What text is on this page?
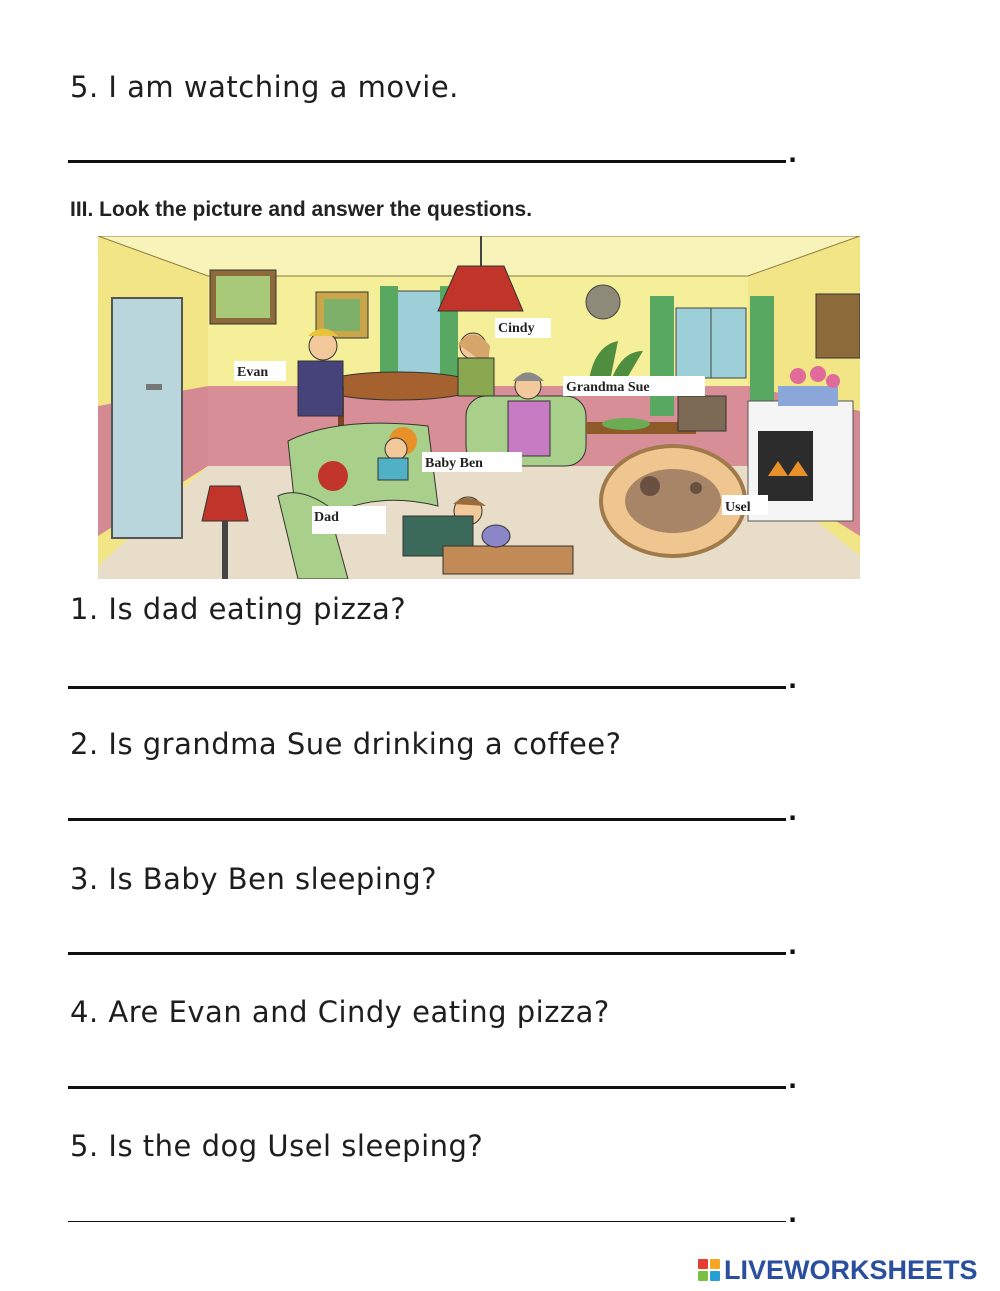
5. I am watching a movie.
.
III. Look the picture and answer the questions.
Cindy
Evan
Grandma Sue
Baby Ben
Dad
Usel
1. Is dad eating pizza?
.
2. Is grandma Sue drinking a coffee?
.
3. Is Baby Ben sleeping?
.
4. Are Evan and Cindy eating pizza?
.
5. Is the dog Usel sleeping?
.
LIVEWORKSHEETS
